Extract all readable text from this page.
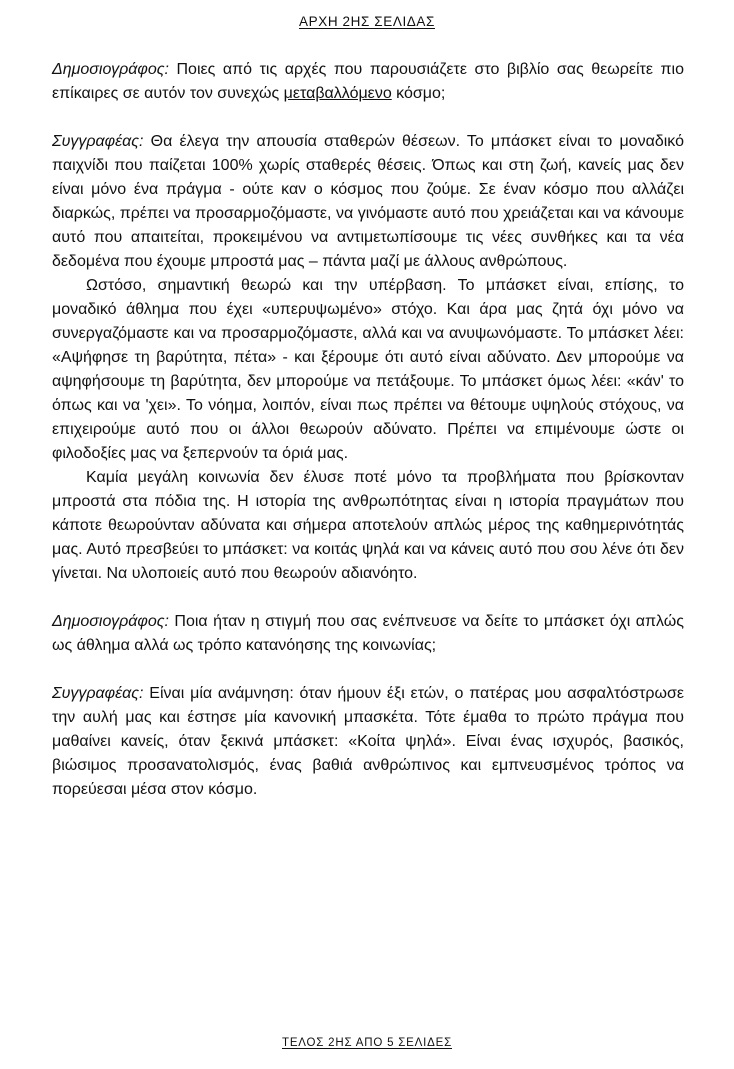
ΑΡΧΗ 2ΗΣ ΣΕΛΙΔΑΣ

Δημοσιογράφος: Ποιες από τις αρχές που παρουσιάζετε στο βιβλίο σας θεωρείτε πιο επίκαιρες σε αυτόν τον συνεχώς μεταβαλλόμενο κόσμο;

Συγγραφέας: Θα έλεγα την απουσία σταθερών θέσεων. Το μπάσκετ είναι το μοναδικό παιχνίδι που παίζεται 100% χωρίς σταθερές θέσεις. Όπως και στη ζωή, κανείς μας δεν είναι μόνο ένα πράγμα - ούτε καν ο κόσμος που ζούμε. Σε έναν κόσμο που αλλάζει διαρκώς, πρέπει να προσαρμοζόμαστε, να γινόμαστε αυτό που χρειάζεται και να κάνουμε αυτό που απαιτείται, προκειμένου να αντιμετωπίσουμε τις νέες συνθήκες και τα νέα δεδομένα που έχουμε μπροστά μας – πάντα μαζί με άλλους ανθρώπους.

Ωστόσο, σημαντική θεωρώ και την υπέρβαση. Το μπάσκετ είναι, επίσης, το μοναδικό άθλημα που έχει «υπερυψωμένο» στόχο. Και άρα μας ζητά όχι μόνο να συνεργαζόμαστε και να προσαρμοζόμαστε, αλλά και να ανυψωνόμαστε. Το μπάσκετ λέει: «Αψήφησε τη βαρύτητα, πέτα» - και ξέρουμε ότι αυτό είναι αδύνατο. Δεν μπορούμε να αψηφήσουμε τη βαρύτητα, δεν μπορούμε να πετάξουμε. Το μπάσκετ όμως λέει: «κάν' το όπως και να 'χει». Το νόημα, λοιπόν, είναι πως πρέπει να θέτουμε υψηλούς στόχους, να επιχειρούμε αυτό που οι άλλοι θεωρούν αδύνατο. Πρέπει να επιμένουμε ώστε οι φιλοδοξίες μας να ξεπερνούν τα όριά μας.

Καμία μεγάλη κοινωνία δεν έλυσε ποτέ μόνο τα προβλήματα που βρίσκονταν μπροστά στα πόδια της. Η ιστορία της ανθρωπότητας είναι η ιστορία πραγμάτων που κάποτε θεωρούνταν αδύνατα και σήμερα αποτελούν απλώς μέρος της καθημερινότητάς μας. Αυτό πρεσβεύει το μπάσκετ: να κοιτάς ψηλά και να κάνεις αυτό που σου λένε ότι δεν γίνεται. Να υλοποιείς αυτό που θεωρούν αδιανόητο.

Δημοσιογράφος: Ποια ήταν η στιγμή που σας ενέπνευσε να δείτε το μπάσκετ όχι απλώς ως άθλημα αλλά ως τρόπο κατανόησης της κοινωνίας;

Συγγραφέας: Είναι μία ανάμνηση: όταν ήμουν έξι ετών, ο πατέρας μου ασφαλτόστρωσε την αυλή μας και έστησε μία κανονική μπασκέτα. Τότε έμαθα το πρώτο πράγμα που μαθαίνει κανείς, όταν ξεκινά μπάσκετ: «Κοίτα ψηλά». Είναι ένας ισχυρός, βασικός, βιώσιμος προσανατολισμός, ένας βαθιά ανθρώπινος και εμπνευσμένος τρόπος να πορεύεσαι μέσα στον κόσμο.

ΤΕΛΟΣ 2ΗΣ ΑΠΟ 5 ΣΕΛΙΔΕΣ
